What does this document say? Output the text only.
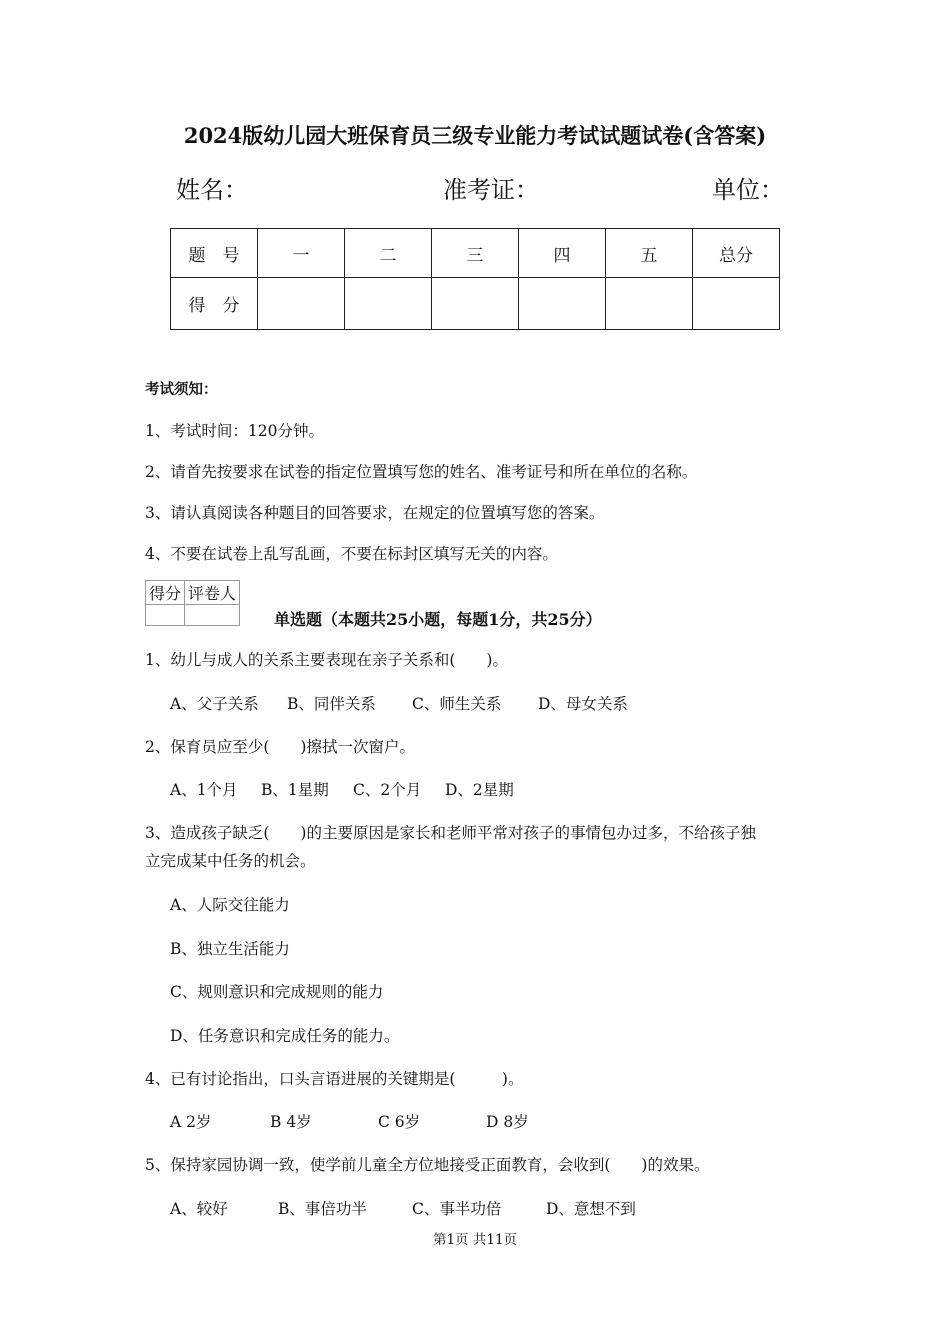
2024版幼儿园大班保育员三级专业能力考试试题试卷(含答案)
姓名：	准考证：	单位：
题　号	一	二	三	四	五	总分
得　分						
考试须知：
1、考试时间：120分钟。
2、请首先按要求在试卷的指定位置填写您的姓名、准考证号和所在单位的名称。
3、请认真阅读各种题目的回答要求，在规定的位置填写您的答案。
4、不要在试卷上乱写乱画，不要在标封区填写无关的内容。
得分	评卷人

单选题（本题共25小题，每题1分，共25分）
1、幼儿与成人的关系主要表现在亲子关系和(　　)。
A、父子关系 B、同伴关系 C、师生关系 D、母女关系
2、保育员应至少(　　)擦拭一次窗户。
A、1个月 B、1星期 C、2个月 D、2星期
3、造成孩子缺乏(　　)的主要原因是家长和老师平常对孩子的事情包办过多，不给孩子独
立完成某中任务的机会。
A、人际交往能力
B、独立生活能力
C、规则意识和完成规则的能力
D、任务意识和完成任务的能力。
4、已有讨论指出，口头言语进展的关键期是(　　　)。
A 2岁	B 4岁	C 6岁	D 8岁
5、保持家园协调一致，使学前儿童全方位地接受正面教育，会收到(　　)的效果。
A、较好	B、事倍功半	C、事半功倍	D、意想不到
第1页 共11页
